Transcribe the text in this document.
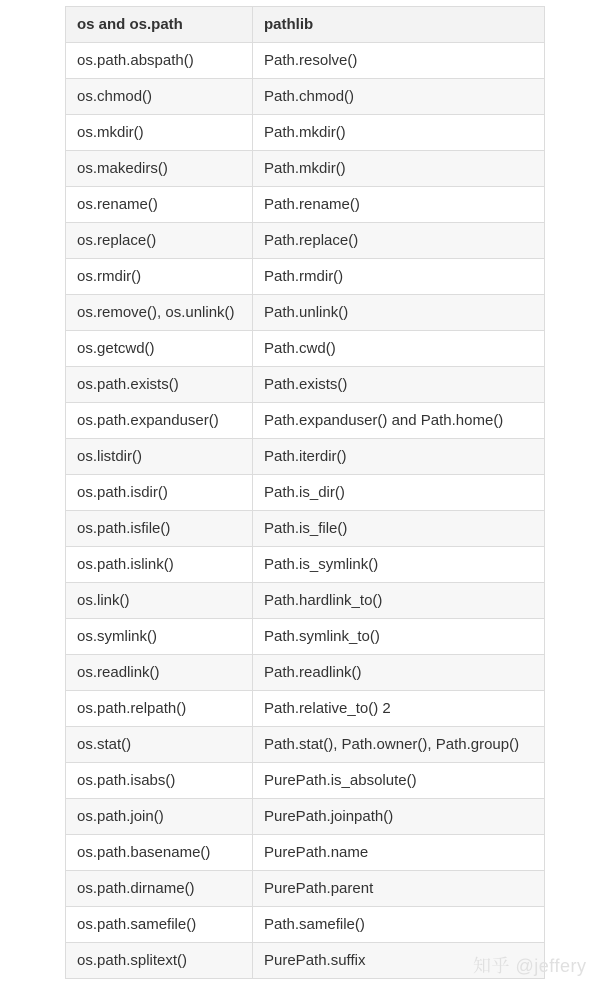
os and os.path	pathlib
os.path.abspath()	Path.resolve()
os.chmod()	Path.chmod()
os.mkdir()	Path.mkdir()
os.makedirs()	Path.mkdir()
os.rename()	Path.rename()
os.replace()	Path.replace()
os.rmdir()	Path.rmdir()
os.remove(), os.unlink()	Path.unlink()
os.getcwd()	Path.cwd()
os.path.exists()	Path.exists()
os.path.expanduser()	Path.expanduser() and Path.home()
os.listdir()	Path.iterdir()
os.path.isdir()	Path.is_dir()
os.path.isfile()	Path.is_file()
os.path.islink()	Path.is_symlink()
os.link()	Path.hardlink_to()
os.symlink()	Path.symlink_to()
os.readlink()	Path.readlink()
os.path.relpath()	Path.relative_to() 2
os.stat()	Path.stat(), Path.owner(), Path.group()
os.path.isabs()	PurePath.is_absolute()
os.path.join()	PurePath.joinpath()
os.path.basename()	PurePath.name
os.path.dirname()	PurePath.parent
os.path.samefile()	Path.samefile()
os.path.splitext()	PurePath.suffix	知乎 @jeffery
